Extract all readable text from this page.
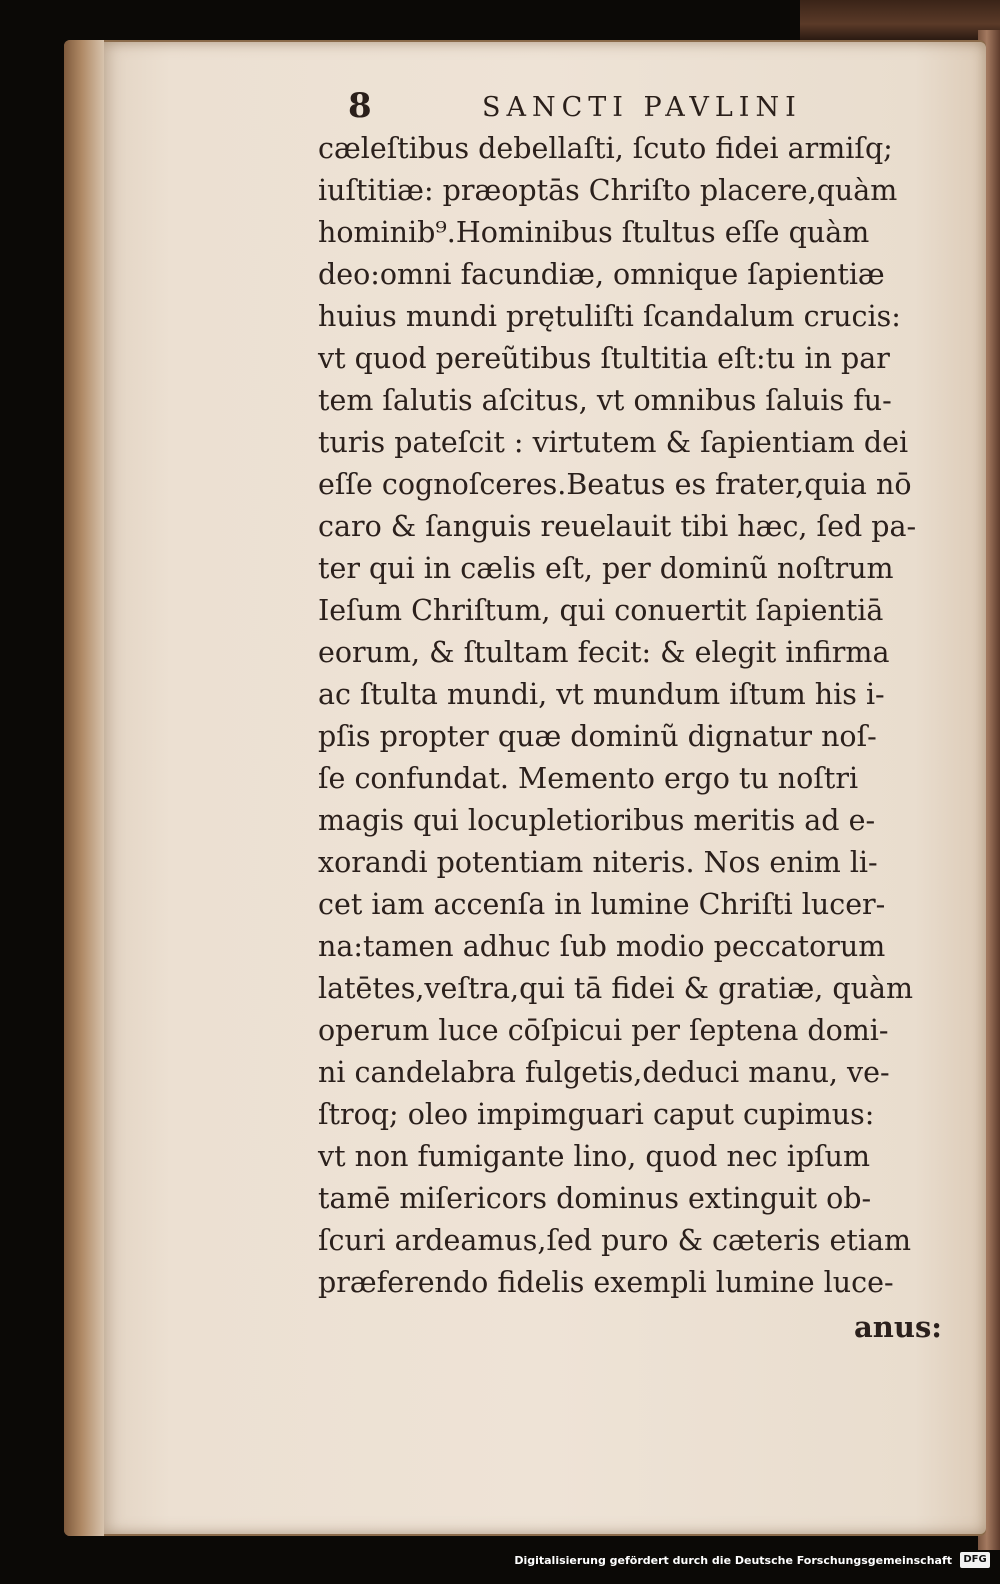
8	SANCTI PAVLINI
cæleſtibus debellaſti, ſcuto fidei armiſq;
iuſtitiæ: præoptās Chriſto placere,quàm
hominib⁹.Hominibus ſtultus eſſe quàm
deo:omni facundiæ, omnique ſapientiæ
huius mundi prętuliſti ſcandalum crucis:
vt quod pereũtibus ſtultitia eſt:tu in par
tem ſalutis aſcitus, vt omnibus ſaluis fu-
turis pateſcit : virtutem & ſapientiam dei
eſſe cognoſceres.Beatus es frater,quia nō
caro & ſanguis reuelauit tibi hæc, ſed pa-
ter qui in cælis eſt, per dominũ noſtrum
Ieſum Chriſtum, qui conuertit ſapientiā
eorum, & ſtultam fecit: & elegit infirma
ac ſtulta mundi, vt mundum iſtum his i-
pſis propter quæ dominũ dignatur noſ-
ſe confundat. Memento ergo tu noſtri
magis qui locupletioribus meritis ad e-
xorandi potentiam niteris. Nos enim li-
cet iam accenſa in lumine Chriſti lucer-
na:tamen adhuc ſub modio peccatorum
latētes,veſtra,qui tā fidei & gratiæ, quàm
operum luce cōſpicui per ſeptena domi-
ni candelabra fulgetis,deduci manu, ve-
ſtroq; oleo impimguari caput cupimus:
vt non fumigante lino, quod nec ipſum
tamē miſericors dominus extinguit ob-
ſcuri ardeamus,ſed puro & cæteris etiam
præferendo fidelis exempli lumine luce-
anus:
Digitalisierung gefördert durch die Deutsche Forschungsgemeinschaft	DFG
